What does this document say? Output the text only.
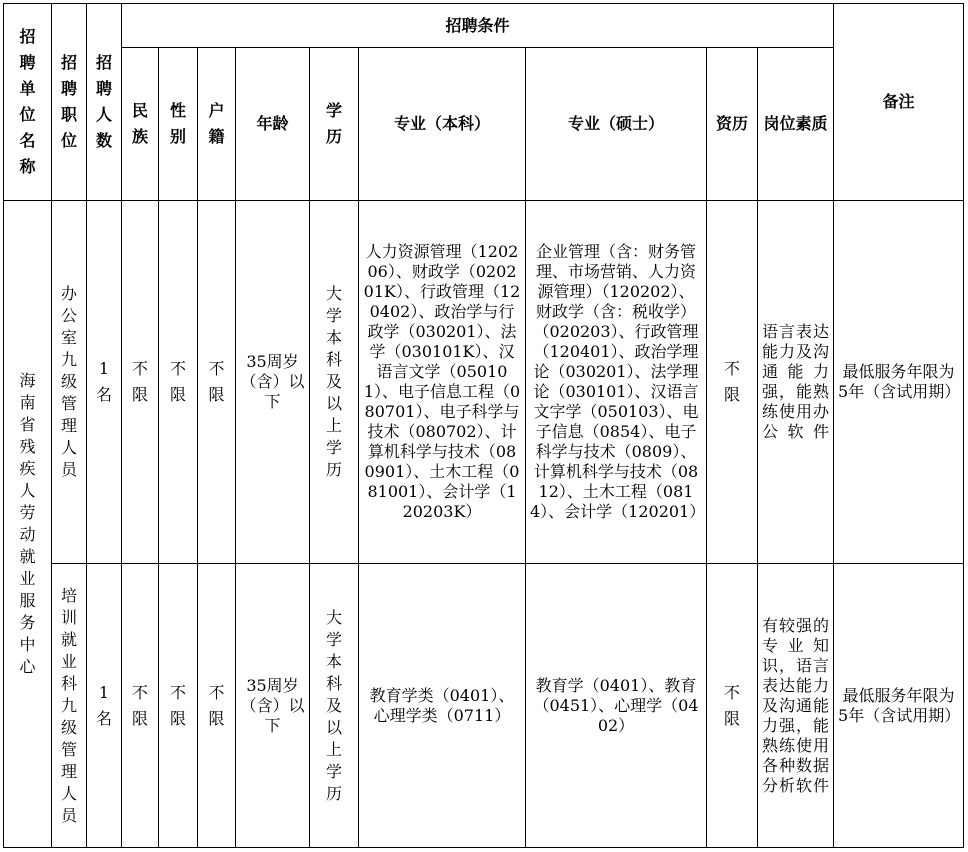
招聘单位名称	招聘职位	招聘人数	招聘条件									备注
			民族	性别	户籍	年龄	学历	专业（本科）	专业（硕士）	资历	岗位素质	

海南省残疾人劳动就业服务中心	办公室九级管理人员	1名	不限	不限	不限	35周岁（含）以下	大学本科及以上学历	人力资源管理（120206）、财政学（020201K）、行政管理（120402）、政治学与行政学（030201）、法学（030101K）、汉语言文学（050101）、电子信息工程（080701）、电子科学与技术（080702）、计算机科学与技术（080901）、土木工程（081001）、会计学（120203K）	企业管理（含：财务管理、市场营销、人力资源管理）（120202）、财政学（含：税收学）（020203）、行政管理（120401）、政治学理论（030201）、法学理论（030101）、汉语言文字学（050103）、电子信息（0854）、电子科学与技术（0809）、计算机科学与技术（0812）、土木工程（0814）、会计学（120201）	不限	语言表达能力及沟通能力强，能熟练使用办公软件	最低服务年限为5年（含试用期）

	培训就业科九级管理人员	1名	不限	不限	不限	35周岁（含）以下	大学本科及以上学历	教育学类（0401）、心理学类（0711）	教育学（0401）、教育（0451）、心理学（0402）	不限	有较强的专业知识，语言表达能力及沟通能力强，能熟练使用各种数据分析软件	最低服务年限为5年（含试用期）
